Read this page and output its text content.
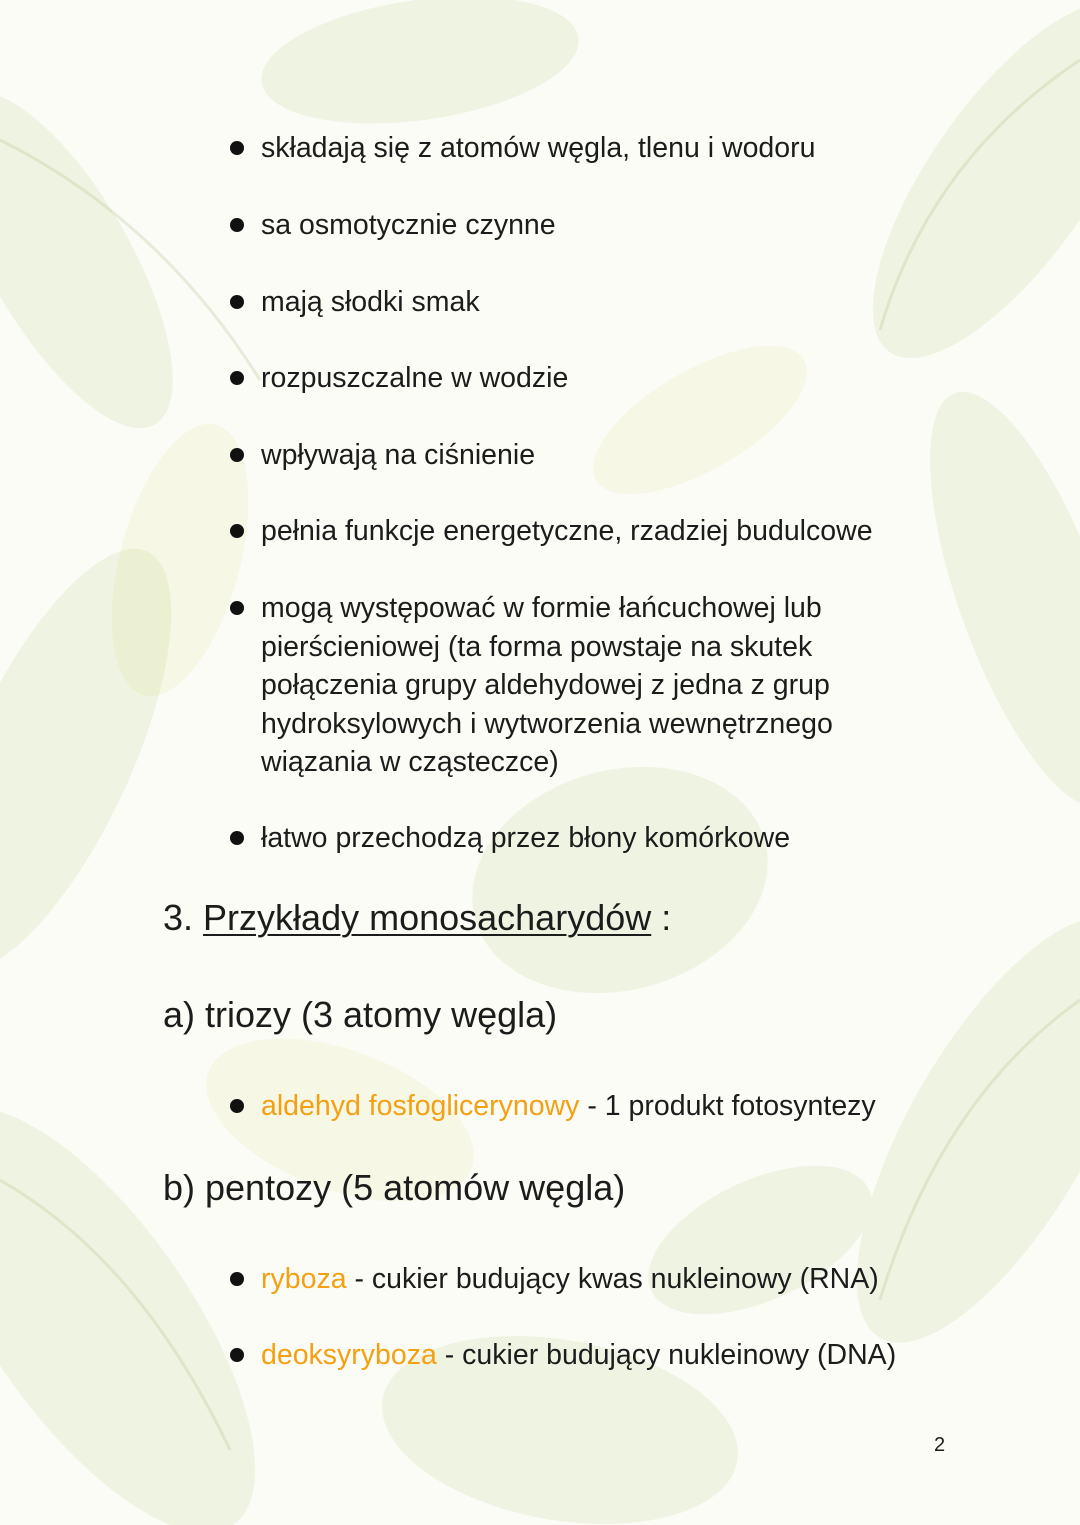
składają się z atomów węgla, tlenu i wodoru
sa osmotycznie czynne
mają słodki smak
rozpuszczalne w wodzie
wpływają na ciśnienie
pełnia funkcje energetyczne, rzadziej budulcowe
mogą występować w formie łańcuchowej lub pierścieniowej (ta forma powstaje na skutek połączenia grupy aldehydowej z jedna z grup hydroksylowych i wytworzenia wewnętrznego wiązania w cząsteczce)
łatwo przechodzą przez błony komórkowe
3. Przykłady monosacharydów :
a) triozy (3 atomy węgla)
aldehyd fosfoglicerynowy - 1 produkt fotosyntezy
b) pentozy (5 atomów węgla)
ryboza - cukier budujący kwas nukleinowy (RNA)
deoksyryboza - cukier budujący nukleinowy (DNA)
2
